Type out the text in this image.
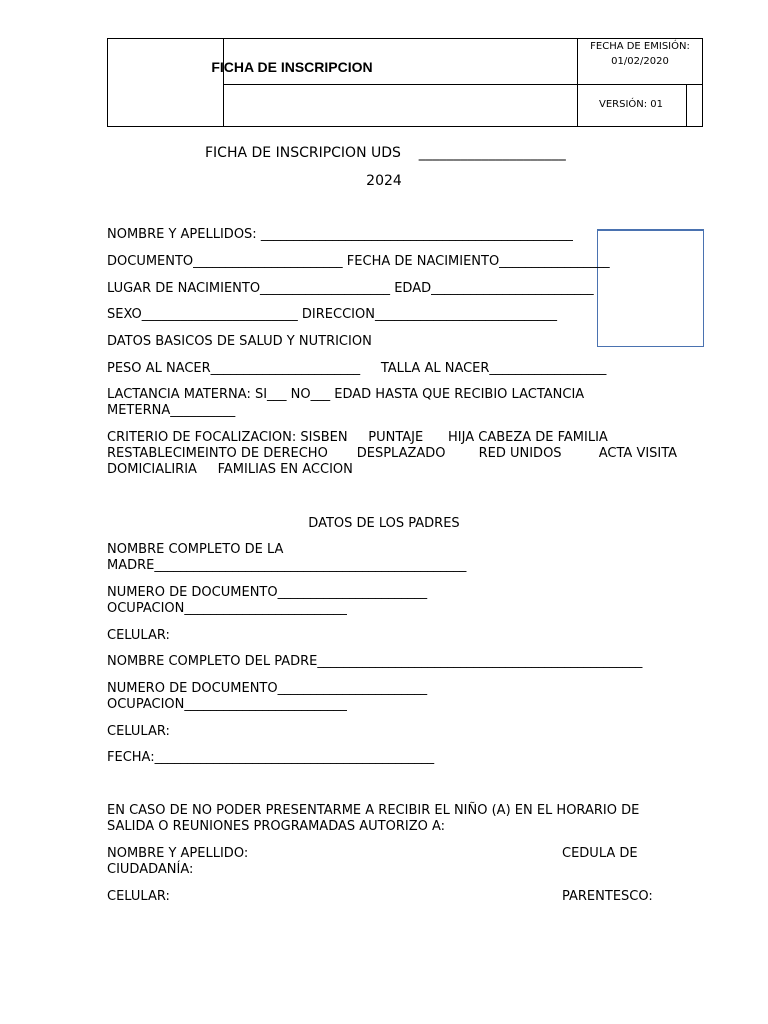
FICHA DE INSCRIPCION
FECHA DE EMISIÓN:
01/02/2020
VERSIÓN: 01
FICHA DE INSCRIPCION UDS    _____________________
2024
NOMBRE Y APELLIDOS: ________________________________________________
DOCUMENTO_______________________ FECHA DE NACIMIENTO_________________
LUGAR DE NACIMIENTO____________________ EDAD_________________________
SEXO________________________ DIRECCION____________________________
DATOS BASICOS DE SALUD Y NUTRICION
PESO AL NACER_______________________     TALLA AL NACER__________________
LACTANCIA MATERNA: SI___ NO___ EDAD HASTA QUE RECIBIO LACTANCIA
METERNA__________
CRITERIO DE FOCALIZACION: SISBEN     PUNTAJE      HIJA CABEZA DE FAMILIA
RESTABLECIMEINTO DE DERECHO       DESPLAZADO        RED UNIDOS         ACTA VISITA
DOMICIALIRIA     FAMILIAS EN ACCION
DATOS DE LOS PADRES
NOMBRE COMPLETO DE LA
MADRE________________________________________________
NUMERO DE DOCUMENTO_______________________
OCUPACION_________________________
CELULAR:
NOMBRE COMPLETO DEL PADRE__________________________________________________
NUMERO DE DOCUMENTO_______________________
OCUPACION_________________________
CELULAR:
FECHA:___________________________________________
EN CASO DE NO PODER PRESENTARME A RECIBIR EL NIÑO (A) EN EL HORARIO DE
SALIDA O REUNIONES PROGRAMADAS AUTORIZO A:
NOMBRE Y APELLIDO:	CEDULA DE
CIUDADANÍA:
CELULAR:	PARENTESCO:
